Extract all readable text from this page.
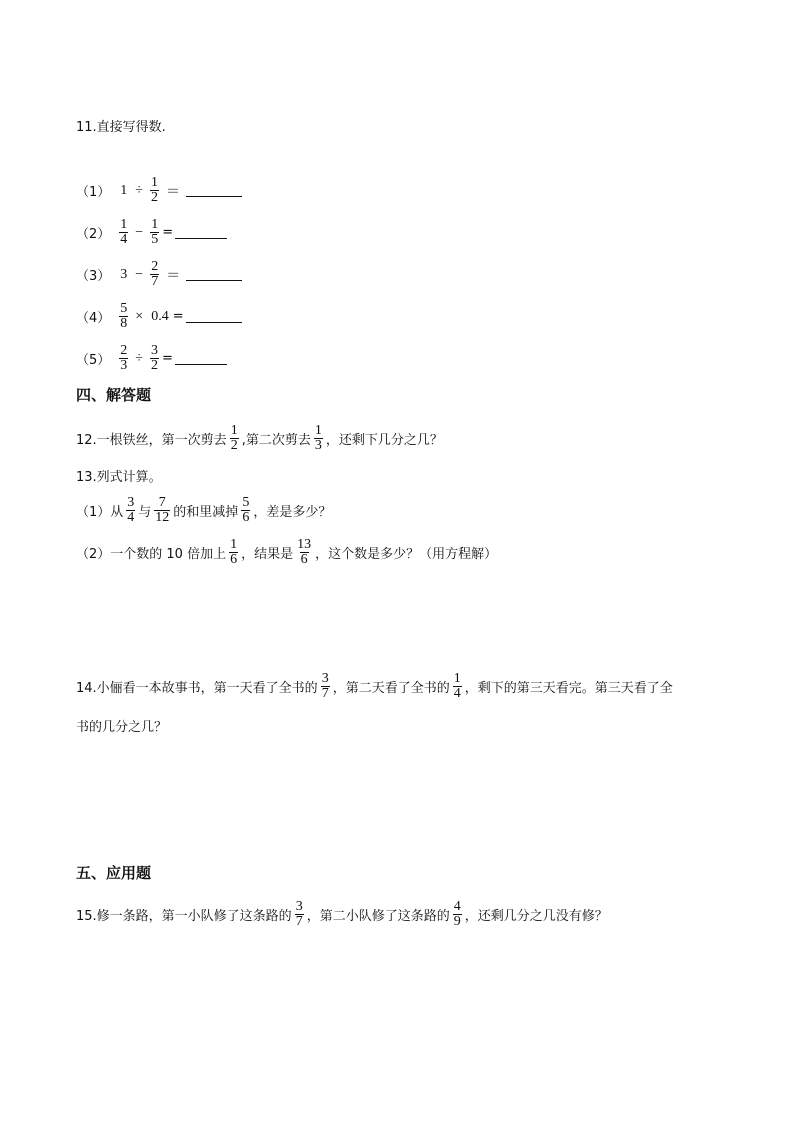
11.直接写得数.
（1） $1 \div \frac{1}{2}$ ＝
$(2) \frac{1}{4} - \frac{1}{5}$ =
（3） $3 - \frac{2}{7}$ ＝
$(4) \frac{5}{8} \times 0.4$ =
$(5) \frac{2}{3} \div \frac{3}{2}$ =
四、解答题
12.一根铁丝，第一次剪去 $\frac{1}{2}$ ,第二次剪去 $\frac{1}{3}$ ，还剩下几分之几？
13.列式计算。
（1）从 $\frac{3}{4}$ 与 $\frac{7}{12}$ 的和里减掉 $\frac{5}{6}$ ，差是多少？
（2）一个数的 10 倍加上 $\frac{1}{6}$ ，结果是 $\frac{13}{6}$ ，这个数是多少？（用方程解）
14.小俪看一本故事书，第一天看了全书的 $\frac{3}{7}$ ，第二天看了全书的 $\frac{1}{4}$ ，剩下的第三天看完。第三天看了全
书的几分之几？
五、应用题
15.修一条路，第一小队修了这条路的 $\frac{3}{7}$ ，第二小队修了这条路的 $\frac{4}{9}$ ，还剩几分之几没有修？
